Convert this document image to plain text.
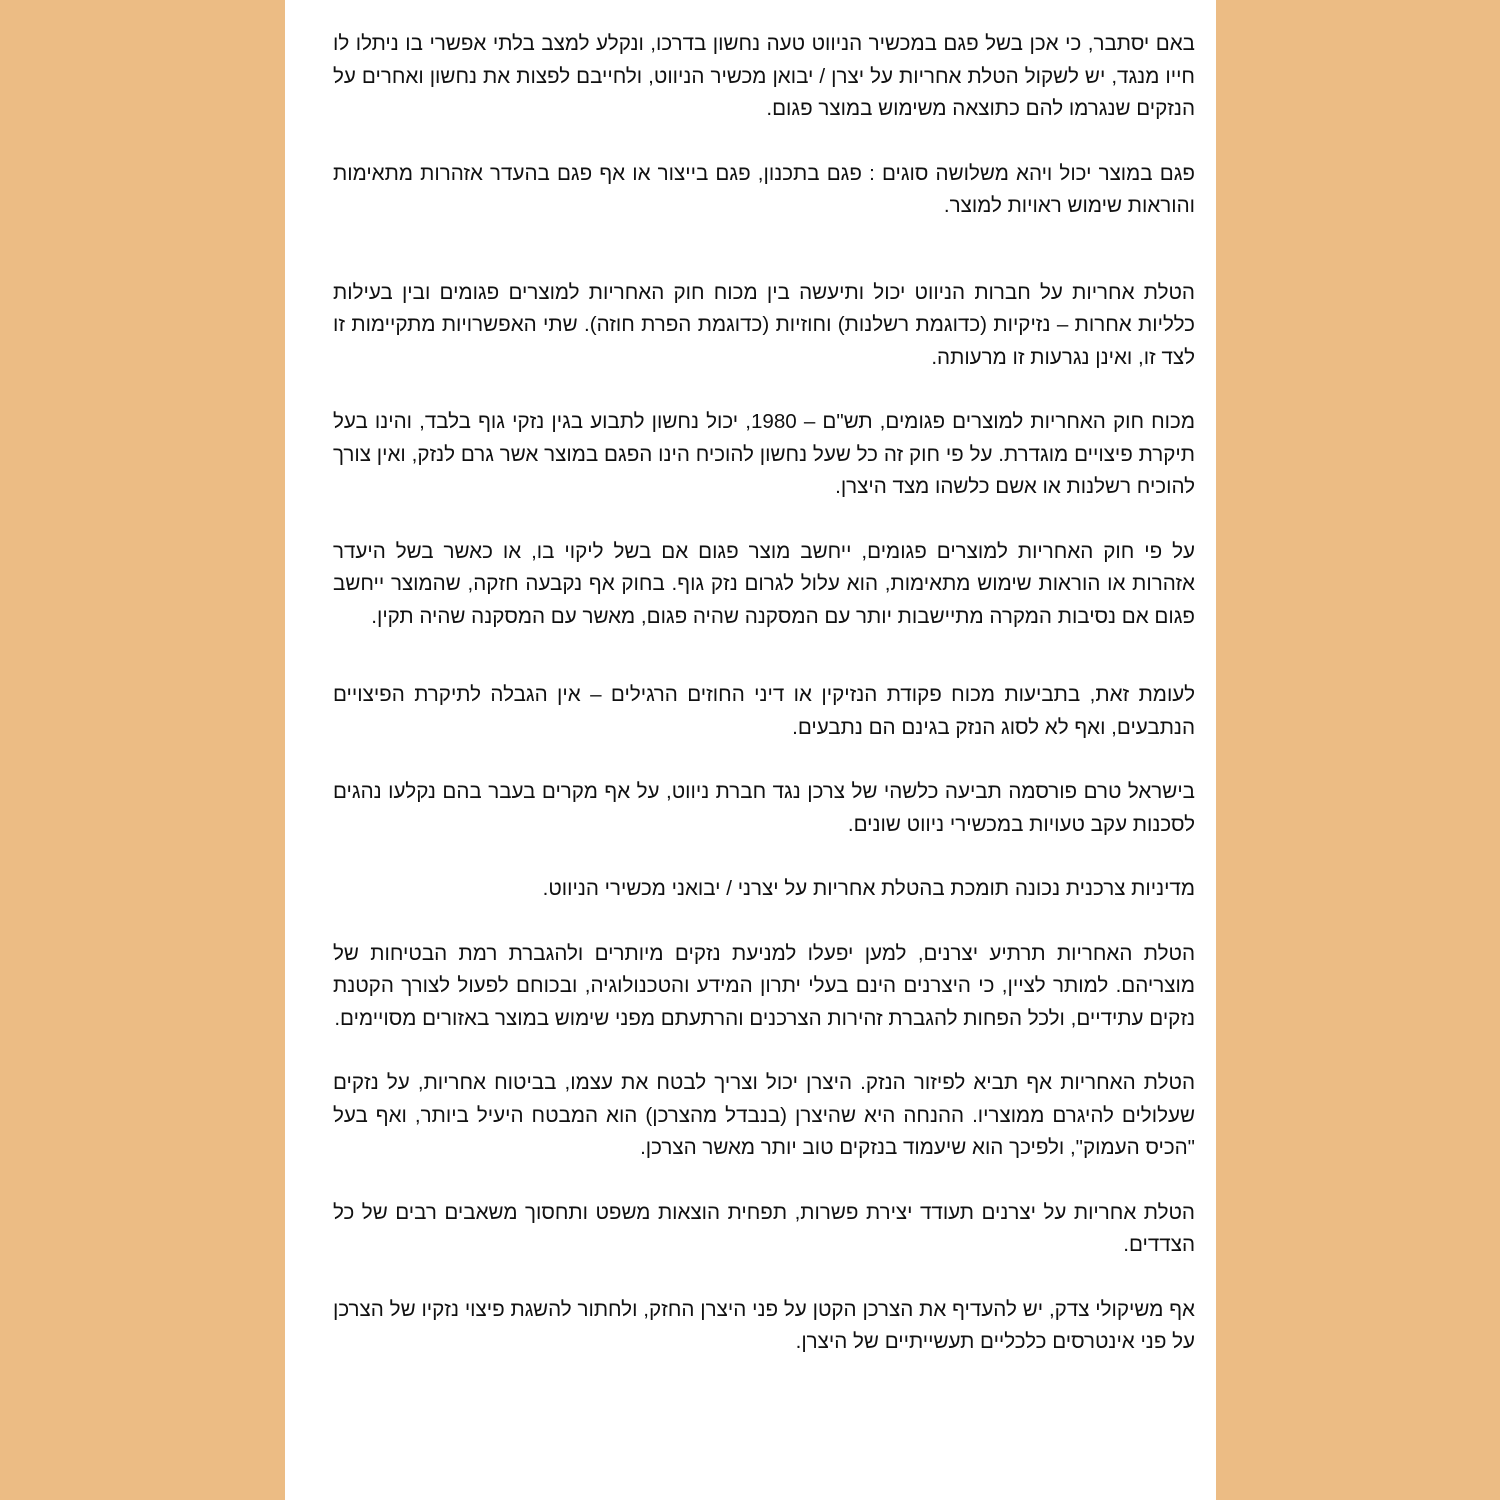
באם יסתבר, כי אכן בשל פגם במכשיר הניווט טעה נחשון בדרכו, ונקלע למצב בלתי אפשרי בו ניתלו לו חייו מנגד, יש לשקול הטלת אחריות על יצרן / יבואן מכשיר הניווט, ולחייבם לפצות את נחשון ואחרים על הנזקים שנגרמו להם כתוצאה משימוש במוצר פגום.

פגם במוצר יכול ויהא משלושה סוגים : פגם בתכנון, פגם בייצור או אף פגם בהעדר אזהרות מתאימות והוראות שימוש ראויות למוצר.

הטלת אחריות על חברות הניווט יכול ותיעשה בין מכוח חוק האחריות למוצרים פגומים ובין בעילות כלליות אחרות – נזיקיות (כדוגמת רשלנות) וחוזיות (כדוגמת הפרת חוזה). שתי האפשרויות מתקיימות זו לצד זו, ואינן נגרעות זו מרעותה.

מכוח חוק האחריות למוצרים פגומים, תש"ם – 1980, יכול נחשון לתבוע בגין נזקי גוף בלבד, והינו בעל תיקרת פיצויים מוגדרת. על פי חוק זה כל שעל נחשון להוכיח הינו הפגם במוצר אשר גרם לנזק, ואין צורך להוכיח רשלנות או אשם כלשהו מצד היצרן.

על פי חוק האחריות למוצרים פגומים, ייחשב מוצר פגום אם בשל ליקוי בו, או כאשר בשל היעדר אזהרות או הוראות שימוש מתאימות, הוא עלול לגרום נזק גוף. בחוק אף נקבעה חזקה, שהמוצר ייחשב פגום אם נסיבות המקרה מתיישבות יותר עם המסקנה שהיה פגום, מאשר עם המסקנה שהיה תקין.

לעומת זאת, בתביעות מכוח פקודת הנזיקין או דיני החוזים הרגילים – אין הגבלה לתיקרת הפיצויים הנתבעים, ואף לא לסוג הנזק בגינם הם נתבעים.

בישראל טרם פורסמה תביעה כלשהי של צרכן נגד חברת ניווט, על אף מקרים בעבר בהם נקלעו נהגים לסכנות עקב טעויות במכשירי ניווט שונים.

מדיניות צרכנית נכונה תומכת בהטלת אחריות על יצרני / יבואני מכשירי הניווט.

הטלת האחריות תרתיע יצרנים, למען יפעלו למניעת נזקים מיותרים ולהגברת רמת הבטיחות של מוצריהם. למותר לציין, כי היצרנים הינם בעלי יתרון המידע והטכנולוגיה, ובכוחם לפעול לצורך הקטנת נזקים עתידיים, ולכל הפחות להגברת זהירות הצרכנים והרתעתם מפני שימוש במוצר באזורים מסויימים.

הטלת האחריות אף תביא לפיזור הנזק. היצרן יכול וצריך לבטח את עצמו, בביטוח אחריות, על נזקים שעלולים להיגרם ממוצריו. ההנחה היא שהיצרן (בנבדל מהצרכן) הוא המבטח היעיל ביותר, ואף בעל "הכיס העמוק", ולפיכך הוא שיעמוד בנזקים טוב יותר מאשר הצרכן.

הטלת אחריות על יצרנים תעודד יצירת פשרות, תפחית הוצאות משפט ותחסוך משאבים רבים של כל הצדדים.

אף משיקולי צדק, יש להעדיף את הצרכן הקטן על פני היצרן החזק, ולחתור להשגת פיצוי נזקיו של הצרכן על פני אינטרסים כלכליים תעשייתיים של היצרן.
